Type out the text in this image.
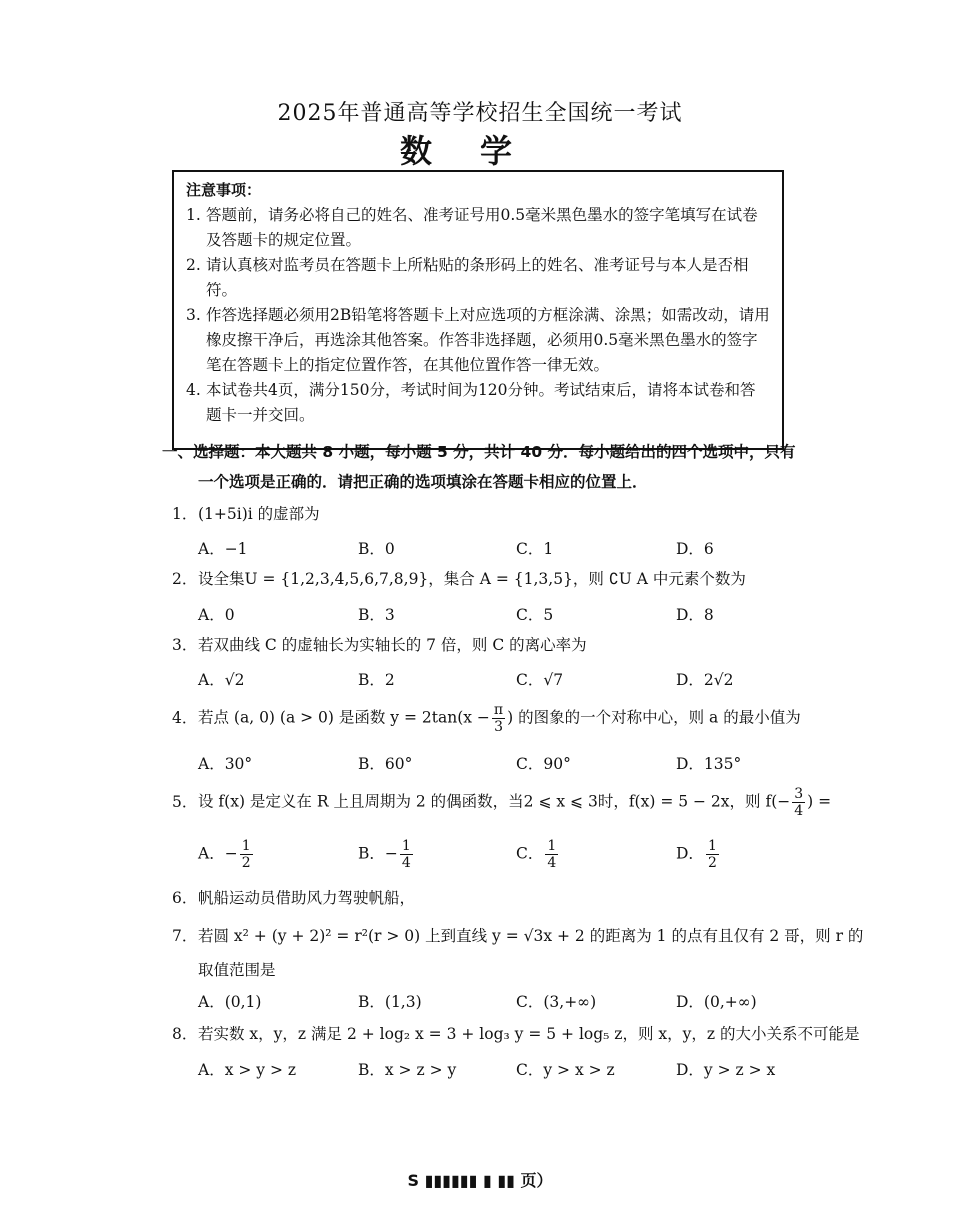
2025年普通高等学校招生全国统一考试
数学
注意事项：
1. 答题前，请务必将自己的姓名、准考证号用0.5毫米黑色墨水的签字笔填写在试卷及答题卡的规定位置。
2. 请认真核对监考员在答题卡上所粘贴的条形码上的姓名、准考证号与本人是否相符。
3. 作答选择题必须用2B铅笔将答题卡上对应选项的方框涂满、涂黑；如需改动，请用橡皮擦干净后，再选涂其他答案。作答非选择题，必须用0.5毫米黑色墨水的签字笔在答题卡上的指定位置作答，在其他位置作答一律无效。
4. 本试卷共4页，满分150分，考试时间为120分钟。考试结束后，请将本试卷和答题卡一并交回。
一、选择题：本大题共 8 小题，每小题 5 分，共计 40 分．每小题给出的四个选项中，只有
一个选项是正确的．请把正确的选项填涂在答题卡相应的位置上．
1．(1+5i)i 的虚部为
A．−1	B．0	C．1	D．6
2．设全集U = {1,2,3,4,5,6,7,8,9}，集合 A = {1,3,5}，则 ∁U A 中元素个数为
A．0	B．3	C．5	D．8
3．若双曲线 C 的虚轴长为实轴长的 7 倍，则 C 的离心率为
A．√2	B．2	C．√7	D．2√2
4．若点 (a, 0) (a > 0) 是函数 $y = 2\tan(x - \frac{\pi}{3}$ ) 的图象的一个对称中心，则 a 的最小值为
A．30°	B．60°	C．90°	D．135°
5．设 f(x) 是定义在 R 上且周期为 2 的偶函数，当2 ⩽ x ⩽ 3时，f(x) = 5 − 2x，则 $f(- \frac{3}{4}$ ) =
A．− $\frac{1}{2}$	B．− $\frac{1}{4}$	C． $\frac{1}{4}$	D． $\frac{1}{2}$
6．帆船运动员借助风力驾驶帆船，
7．若圆 x² + (y + 2)² = r²(r > 0) 上到直线 y = √3x + 2 的距离为 1 的点有且仅有 2 哥，则 r 的
取值范围是
A．(0,1)	B．(1,3)	C．(3,+∞)	D．(0,+∞)
8．若实数 x，y，z 满足 2 + log₂ x = 3 + log₃ y = 5 + log₅ z，则 x，y，z 的大小关系不可能是
A．x > y > z	B．x > z > y	C．y > x > z	D．y > z > x
S ▮▮▮▮▮▮ ▮ ▮▮ 页）
